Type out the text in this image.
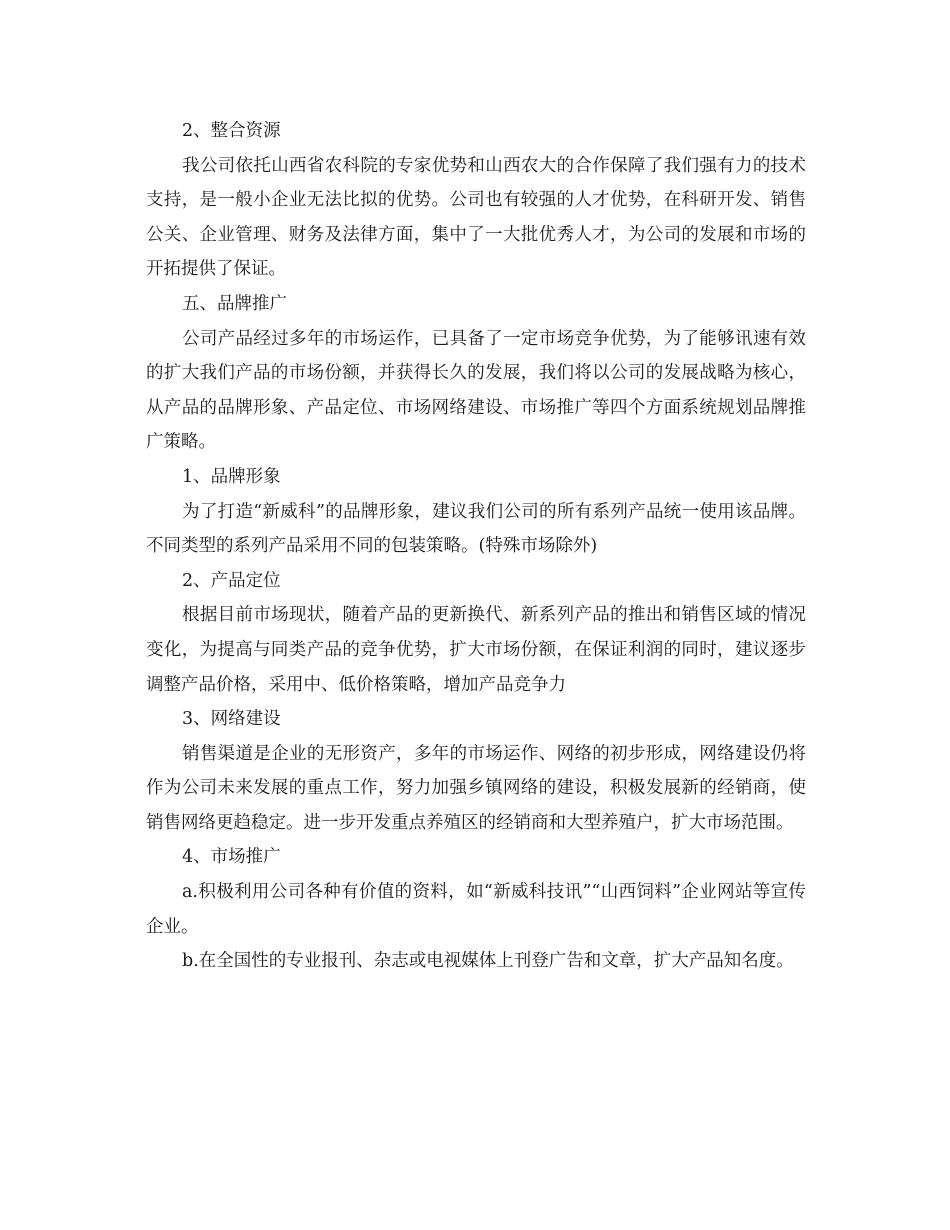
2、整合资源

我公司依托山西省农科院的专家优势和山西农大的合作保障了我们强有力的技术支持，是一般小企业无法比拟的优势。公司也有较强的人才优势，在科研开发、销售公关、企业管理、财务及法律方面，集中了一大批优秀人才，为公司的发展和市场的开拓提供了保证。

五、品牌推广

公司产品经过多年的市场运作，已具备了一定市场竞争优势，为了能够讯速有效的扩大我们产品的市场份额，并获得长久的发展，我们将以公司的发展战略为核心，从产品的品牌形象、产品定位、市场网络建设、市场推广等四个方面系统规划品牌推广策略。

1、品牌形象

为了打造“新威科”的品牌形象，建议我们公司的所有系列产品统一使用该品牌。不同类型的系列产品采用不同的包装策略。(特殊市场除外)

2、产品定位

根据目前市场现状，随着产品的更新换代、新系列产品的推出和销售区域的情况变化，为提高与同类产品的竞争优势，扩大市场份额，在保证利润的同时，建议逐步调整产品价格，采用中、低价格策略，增加产品竞争力

3、网络建设

销售渠道是企业的无形资产，多年的市场运作、网络的初步形成，网络建设仍将作为公司未来发展的重点工作，努力加强乡镇网络的建设，积极发展新的经销商，使销售网络更趋稳定。进一步开发重点养殖区的经销商和大型养殖户，扩大市场范围。

4、市场推广

a.积极利用公司各种有价值的资料，如“新威科技讯”“山西饲料”企业网站等宣传企业。

b.在全国性的专业报刊、杂志或电视媒体上刊登广告和文章，扩大产品知名度。
